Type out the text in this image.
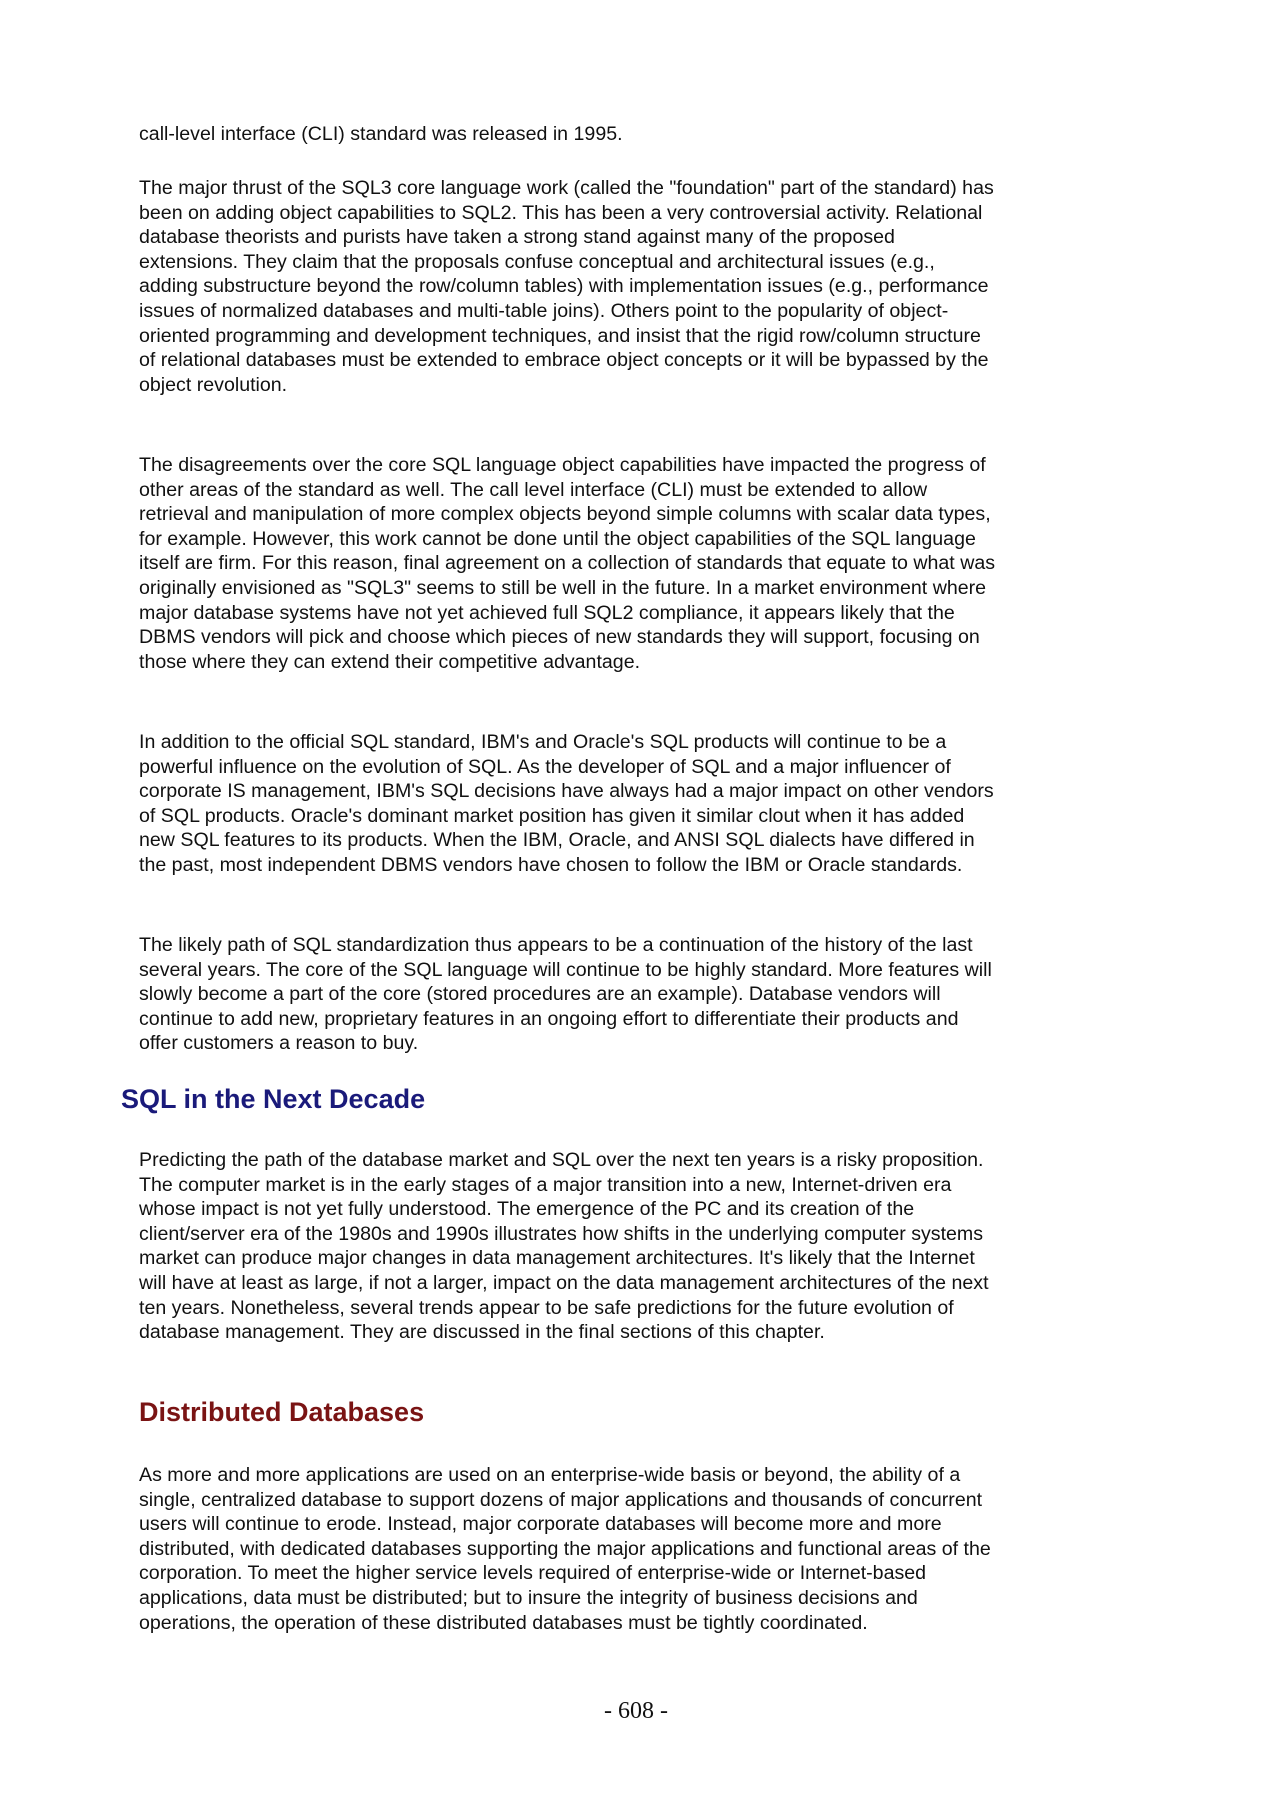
call-level interface (CLI) standard was released in 1995.

The major thrust of the SQL3 core language work (called the "foundation" part of the standard) has been on adding object capabilities to SQL2. This has been a very controversial activity. Relational database theorists and purists have taken a strong stand against many of the proposed extensions. They claim that the proposals confuse conceptual and architectural issues (e.g., adding substructure beyond the row/column tables) with implementation issues (e.g., performance issues of normalized databases and multi-table joins). Others point to the popularity of object-oriented programming and development techniques, and insist that the rigid row/column structure of relational databases must be extended to embrace object concepts or it will be bypassed by the object revolution.

The disagreements over the core SQL language object capabilities have impacted the progress of other areas of the standard as well. The call level interface (CLI) must be extended to allow retrieval and manipulation of more complex objects beyond simple columns with scalar data types, for example. However, this work cannot be done until the object capabilities of the SQL language itself are firm. For this reason, final agreement on a collection of standards that equate to what was originally envisioned as "SQL3" seems to still be well in the future. In a market environment where major database systems have not yet achieved full SQL2 compliance, it appears likely that the DBMS vendors will pick and choose which pieces of new standards they will support, focusing on those where they can extend their competitive advantage.

In addition to the official SQL standard, IBM's and Oracle's SQL products will continue to be a powerful influence on the evolution of SQL. As the developer of SQL and a major influencer of corporate IS management, IBM's SQL decisions have always had a major impact on other vendors of SQL products. Oracle's dominant market position has given it similar clout when it has added new SQL features to its products. When the IBM, Oracle, and ANSI SQL dialects have differed in the past, most independent DBMS vendors have chosen to follow the IBM or Oracle standards.

The likely path of SQL standardization thus appears to be a continuation of the history of the last several years. The core of the SQL language will continue to be highly standard. More features will slowly become a part of the core (stored procedures are an example). Database vendors will continue to add new, proprietary features in an ongoing effort to differentiate their products and offer customers a reason to buy.

SQL in the Next Decade

Predicting the path of the database market and SQL over the next ten years is a risky proposition. The computer market is in the early stages of a major transition into a new, Internet-driven era whose impact is not yet fully understood. The emergence of the PC and its creation of the client/server era of the 1980s and 1990s illustrates how shifts in the underlying computer systems market can produce major changes in data management architectures. It's likely that the Internet will have at least as large, if not a larger, impact on the data management architectures of the next ten years. Nonetheless, several trends appear to be safe predictions for the future evolution of database management. They are discussed in the final sections of this chapter.

Distributed Databases

As more and more applications are used on an enterprise-wide basis or beyond, the ability of a single, centralized database to support dozens of major applications and thousands of concurrent users will continue to erode. Instead, major corporate databases will become more and more distributed, with dedicated databases supporting the major applications and functional areas of the corporation. To meet the higher service levels required of enterprise-wide or Internet-based applications, data must be distributed; but to insure the integrity of business decisions and operations, the operation of these distributed databases must be tightly coordinated.

- 608 -
